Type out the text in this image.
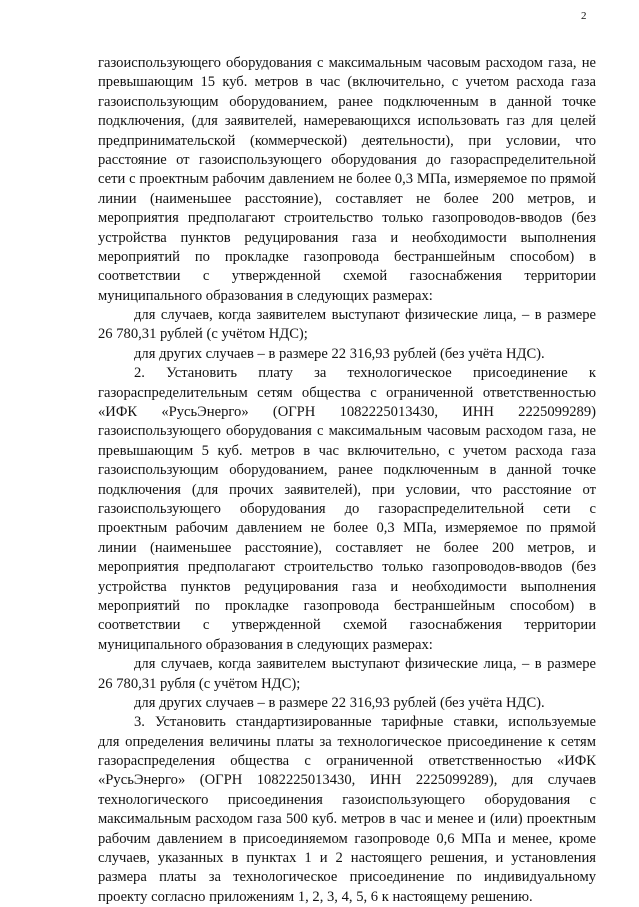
2
газоиспользующего оборудования с максимальным часовым расходом газа, не
превышающим 15 куб. метров в час (включительно, с учетом расхода газа
газоиспользующим оборудованием, ранее подключенным в данной точке
подключения, (для заявителей, намеревающихся использовать газ для целей
предпринимательской (коммерческой) деятельности), при условии, что
расстояние от газоиспользующего оборудования до газораспределительной
сети с проектным рабочим давлением не более 0,3 МПа, измеряемое по прямой
линии (наименьшее расстояние), составляет не более 200 метров, и
мероприятия предполагают строительство только газопроводов-вводов (без
устройства пунктов редуцирования газа и необходимости выполнения
мероприятий по прокладке газопровода бестраншейным способом) в
соответствии с утвержденной схемой газоснабжения территории
муниципального образования в следующих размерах:
для случаев, когда заявителем выступают физические лица, – в размере
26 780,31 рублей (с учётом НДС);
для других случаев – в размере 22 316,93 рублей (без учёта НДС).
2. Установить плату за технологическое присоединение к
газораспределительным сетям общества с ограниченной ответственностью
«ИФК «РусьЭнерго» (ОГРН 1082225013430, ИНН 2225099289)
газоиспользующего оборудования с максимальным часовым расходом газа, не
превышающим 5 куб. метров в час включительно, с учетом расхода газа
газоиспользующим оборудованием, ранее подключенным в данной точке
подключения (для прочих заявителей), при условии, что расстояние от
газоиспользующего оборудования до газораспределительной сети с
проектным рабочим давлением не более 0,3 МПа, измеряемое по прямой
линии (наименьшее расстояние), составляет не более 200 метров, и
мероприятия предполагают строительство только газопроводов-вводов (без
устройства пунктов редуцирования газа и необходимости выполнения
мероприятий по прокладке газопровода бестраншейным способом) в
соответствии с утвержденной схемой газоснабжения территории
муниципального образования в следующих размерах:
для случаев, когда заявителем выступают физические лица, – в размере
26 780,31 рубля (с учётом НДС);
для других случаев – в размере 22 316,93 рублей (без учёта НДС).
3. Установить стандартизированные тарифные ставки, используемые
для определения величины платы за технологическое присоединение к сетям
газораспределения общества с ограниченной ответственностью «ИФК
«РусьЭнерго» (ОГРН 1082225013430, ИНН 2225099289), для случаев
технологического присоединения газоиспользующего оборудования с
максимальным расходом газа 500 куб. метров в час и менее и (или) проектным
рабочим давлением в присоединяемом газопроводе 0,6 МПа и менее, кроме
случаев, указанных в пунктах 1 и 2 настоящего решения, и установления
размера платы за технологическое присоединение по индивидуальному
проекту согласно приложениям 1, 2, 3, 4, 5, 6 к настоящему решению.
